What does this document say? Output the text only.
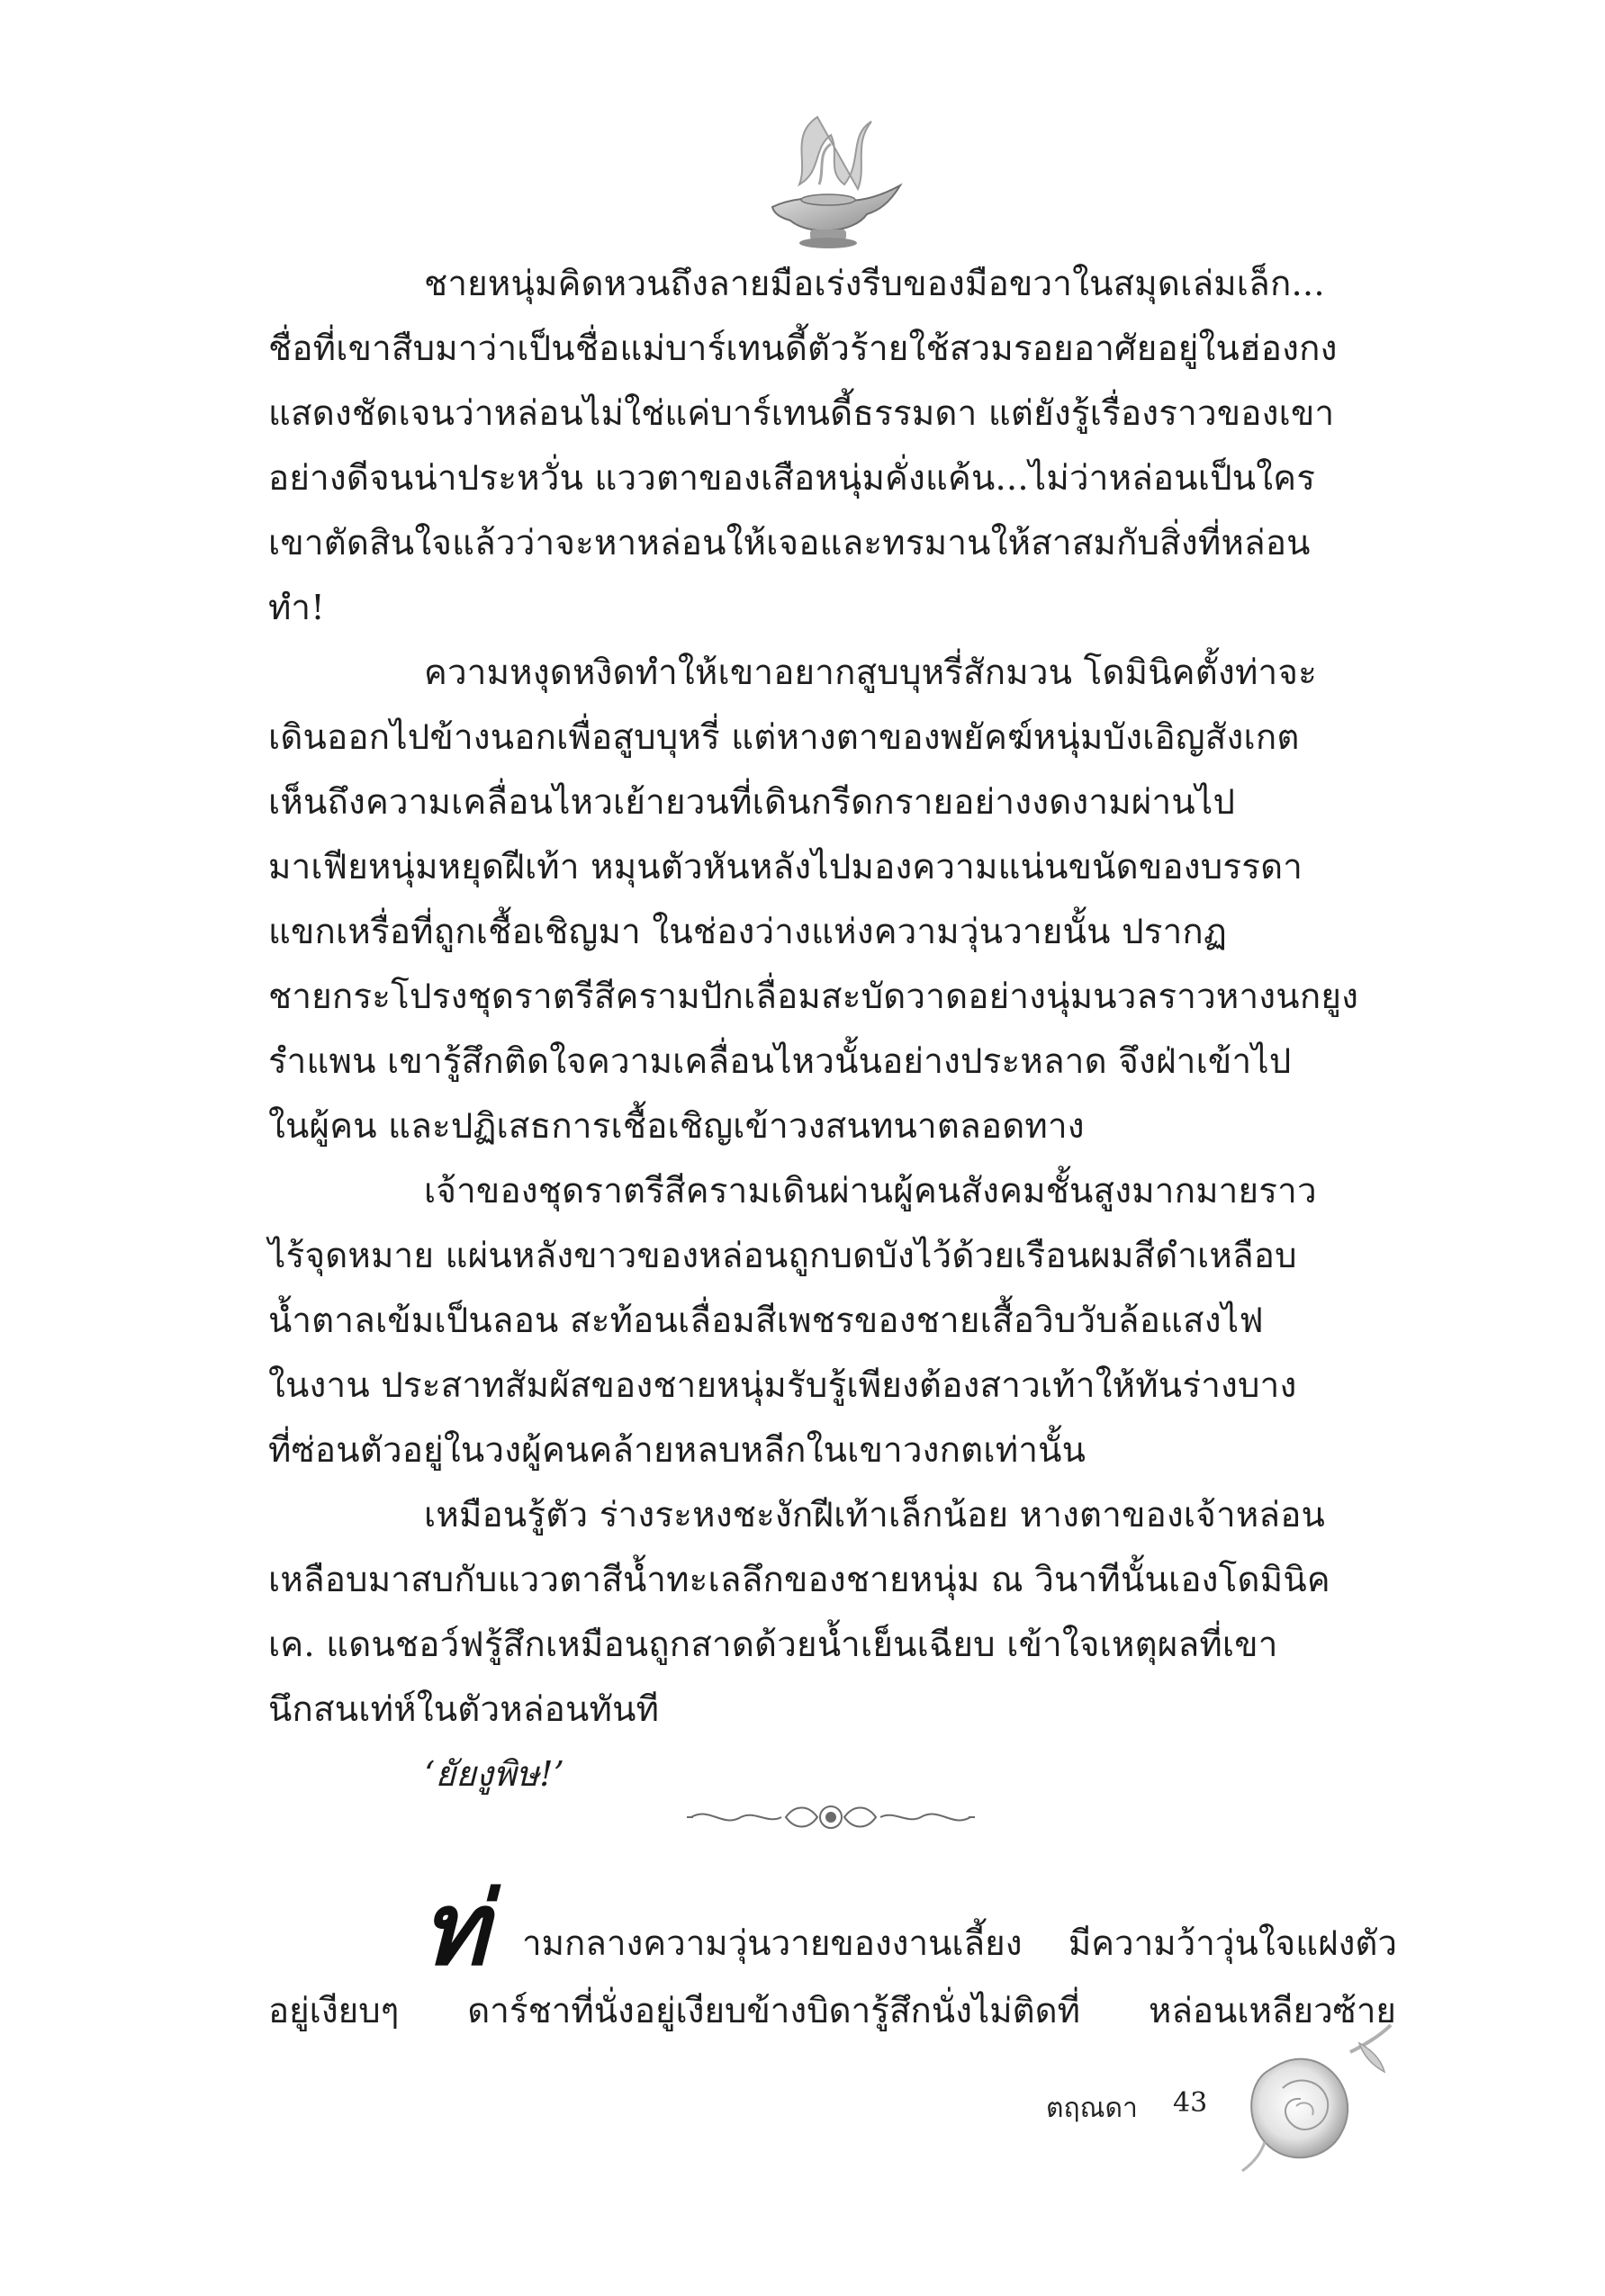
ชายหนุ่มคิดหวนถึงลายมือเร่งรีบของมือขวาในสมุดเล่มเล็ก...
ชื่อที่เขาสืบมาว่าเป็นชื่อแม่บาร์เทนดี้ตัวร้ายใช้สวมรอยอาศัยอยู่ในฮ่องกง
แสดงชัดเจนว่าหล่อนไม่ใช่แค่บาร์เทนดี้ธรรมดา แต่ยังรู้เรื่องราวของเขา
อย่างดีจนน่าประหวั่น แววตาของเสือหนุ่มคั่งแค้น...ไม่ว่าหล่อนเป็นใคร
เขาตัดสินใจแล้วว่าจะหาหล่อนให้เจอและทรมานให้สาสมกับสิ่งที่หล่อน
ทำ!

ความหงุดหงิดทำให้เขาอยากสูบบุหรี่สักมวน โดมินิคตั้งท่าจะ
เดินออกไปข้างนอกเพื่อสูบบุหรี่ แต่หางตาของพยัคฆ์หนุ่มบังเอิญสังเกต
เห็นถึงความเคลื่อนไหวเย้ายวนที่เดินกรีดกรายอย่างงดงามผ่านไป
มาเฟียหนุ่มหยุดฝีเท้า หมุนตัวหันหลังไปมองความแน่นขนัดของบรรดา
แขกเหรื่อที่ถูกเชื้อเชิญมา ในช่องว่างแห่งความวุ่นวายนั้น ปรากฏ
ชายกระโปรงชุดราตรีสีครามปักเลื่อมสะบัดวาดอย่างนุ่มนวลราวหางนกยูง
รำแพน เขารู้สึกติดใจความเคลื่อนไหวนั้นอย่างประหลาด จึงฝ่าเข้าไป
ในผู้คน และปฏิเสธการเชื้อเชิญเข้าวงสนทนาตลอดทาง

เจ้าของชุดราตรีสีครามเดินผ่านผู้คนสังคมชั้นสูงมากมายราว
ไร้จุดหมาย แผ่นหลังขาวของหล่อนถูกบดบังไว้ด้วยเรือนผมสีดำเหลือบ
น้ำตาลเข้มเป็นลอน สะท้อนเลื่อมสีเพชรของชายเสื้อวิบวับล้อแสงไฟ
ในงาน ประสาทสัมผัสของชายหนุ่มรับรู้เพียงต้องสาวเท้าให้ทันร่างบาง
ที่ซ่อนตัวอยู่ในวงผู้คนคล้ายหลบหลีกในเขาวงกตเท่านั้น

เหมือนรู้ตัว ร่างระหงชะงักฝีเท้าเล็กน้อย หางตาของเจ้าหล่อน
เหลือบมาสบกับแววตาสีน้ำทะเลลึกของชายหนุ่ม ณ วินาทีนั้นเองโดมินิค
เค. แดนชอว์ฟรู้สึกเหมือนถูกสาดด้วยน้ำเย็นเฉียบ เข้าใจเหตุผลที่เขา
นึกสนเท่ห์ในตัวหล่อนทันที

‘ยัยงูพิษ!’

ท่ ามกลางความวุ่นวายของงานเลี้ยง มีความว้าวุ่นใจแฝงตัว
อยู่เงียบๆ ดาร์ชาที่นั่งอยู่เงียบข้างบิดารู้สึกนั่งไม่ติดที่ หล่อนเหลียวซ้าย
ตฤณดา 43
